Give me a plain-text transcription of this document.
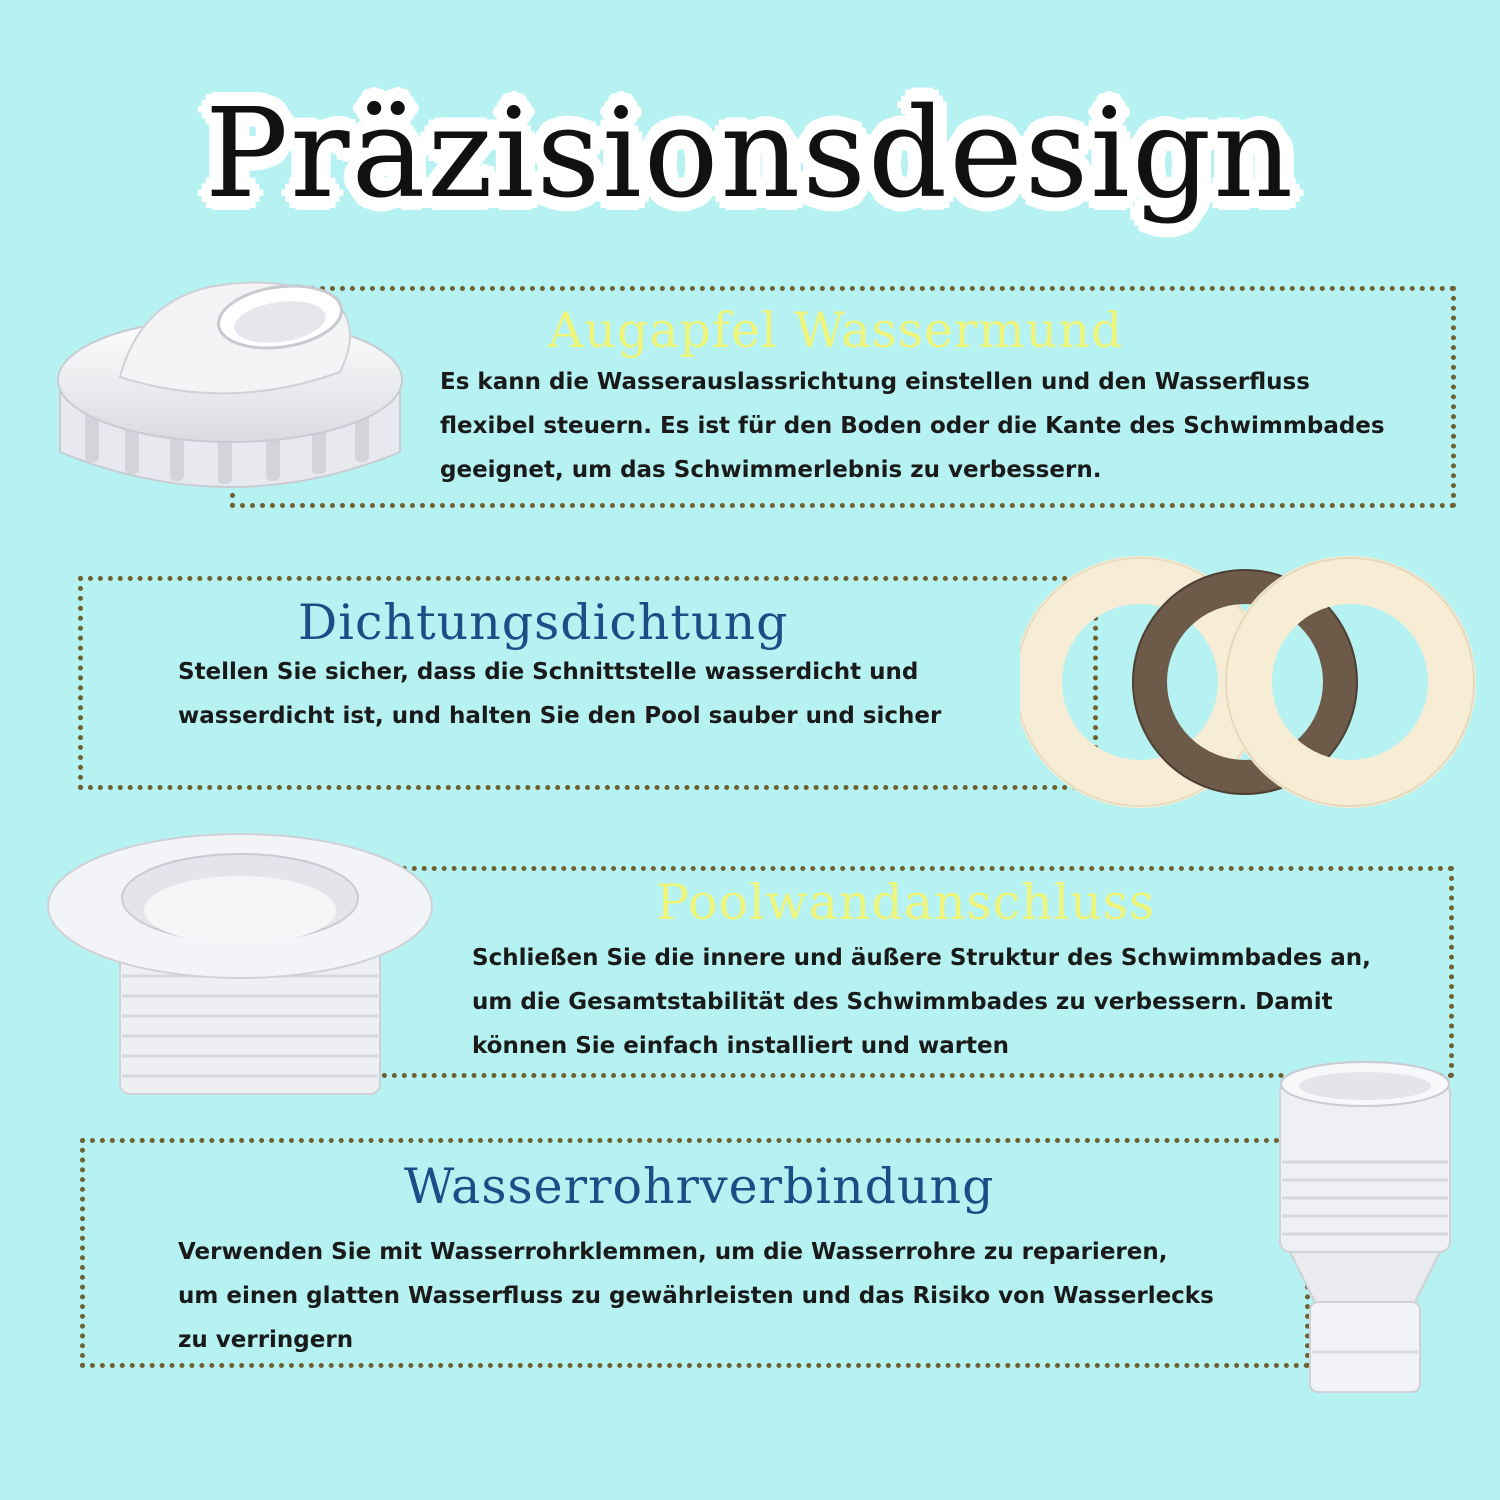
Präzisionsdesign
Augapfel Wassermund
Es kann die Wasserauslassrichtung einstellen und den Wasserfluss
flexibel steuern. Es ist für den Boden oder die Kante des Schwimmbades
geeignet, um das Schwimmerlebnis zu verbessern.
Dichtungsdichtung
Stellen Sie sicher, dass die Schnittstelle wasserdicht und
wasserdicht ist, und halten Sie den Pool sauber und sicher
Poolwandanschluss
Schließen Sie die innere und äußere Struktur des Schwimmbades an,
um die Gesamtstabilität des Schwimmbades zu verbessern. Damit
können Sie einfach installiert und warten
Wasserrohrverbindung
Verwenden Sie mit Wasserrohrklemmen, um die Wasserrohre zu reparieren,
um einen glatten Wasserfluss zu gewährleisten und das Risiko von Wasserlecks
zu verringern
